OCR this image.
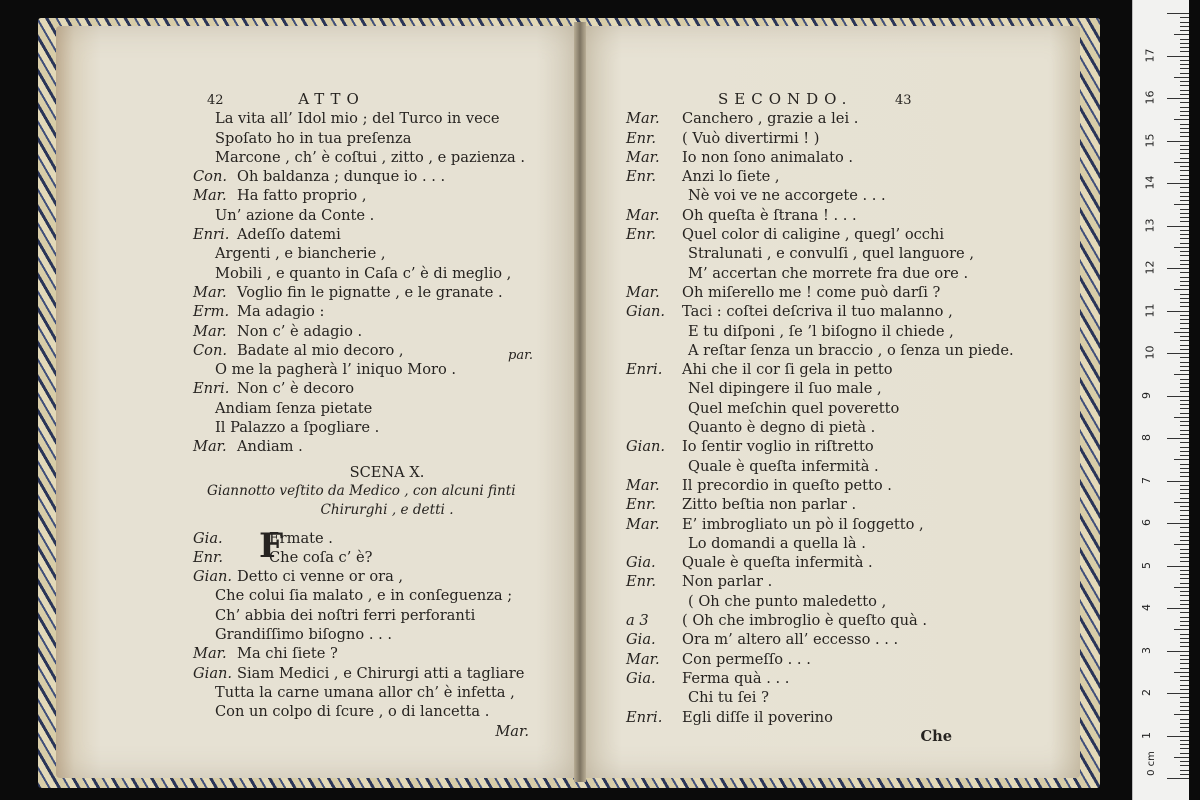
42	ATTO
La vita all’ Idol mio ; del Turco in vece
Spoſato ho in tua preſenza
Marcone , ch’ è coſtui , zitto , e pazienza .
Con. Oh baldanza ; dunque io . . .
Mar. Ha fatto proprio ,
Un’ azione da Conte .
Enri. Adeſſo datemi
Argenti , e biancherie ,
Mobili , e quanto in Caſa c’ è di meglio ,
Mar. Voglio fin le pignatte , e le granate .
Erm. Ma adagio :
Mar. Non c’ è adagio .
Con. Badate al mio decoro ,
O me la pagherà l’ iniquo Moro .
Enri. Non c’ è decoro
Andiam ſenza pietate
Il Palazzo a ſpogliare .
Mar. Andiam .
SCENA X.
Giannotto veſtito da Medico , con alcuni finti
Chirurghi , e detti .
F
Gia.	Ermate .
Enr.	Che coſa c’ è?
Gian. Detto ci venne or ora ,
Che colui ſia malato , e in conſeguenza ;
Ch’ abbia dei noſtri ferri perforanti
Grandiſſimo biſogno . . .
Mar. Ma chi ſiete ?
Gian. Siam Medici , e Chirurgi atti a tagliare
Tutta la carne umana allor ch’ è infetta ,
Con un colpo di ſcure , o di lancetta .
Mar.
par.
SECONDO.	43
Mar. Canchero , grazie a lei .
Enr. ( Vuò divertirmi ! )
Mar. Io non ſono animalato .
Enr. Anzi lo ſiete ,
Nè voi ve ne accorgete . . .
Mar. Oh queſta è ſtrana ! . . .
Enr. Quel color di caligine , quegl’ occhi
Stralunati , e convulſi , quel languore ,
M’ accertan che morrete fra due ore .
Mar. Oh miſerello me ! come può darſi ?
Gian. Taci : coſtei deſcriva il tuo malanno ,
E tu diſponi , ſe ’l biſogno il chiede ,
A reſtar ſenza un braccio , o ſenza un piede.
Enri. Ahi che il cor ſi gela in petto
Nel dipingere il ſuo male ,
Quel meſchin quel poveretto
Quanto è degno di pietà .
Gian. Io ſentir voglio in riſtretto
Quale è queſta infermità .
Mar. Il precordio in queſto petto .
Enr. Zitto beſtia non parlar .
Mar. E’ imbrogliato un pò il ſoggetto ,
Lo domandi a quella là .
Gia. Quale è queſta infermità .
Enr. Non parlar .
( Oh che punto maledetto ,
a 3 ( Oh che imbroglio è queſto quà .
Gia. Ora m’ altero all’ eccesso . . .
Mar. Con permeſſo . . .
Gia. Ferma quà . . .
Chi tu ſei ?
Enri. Egli diſſe il poverino
Che
0 cm
1
2
3
4
5
6
7
8
9
10
11
12
13
14
15
16
17
